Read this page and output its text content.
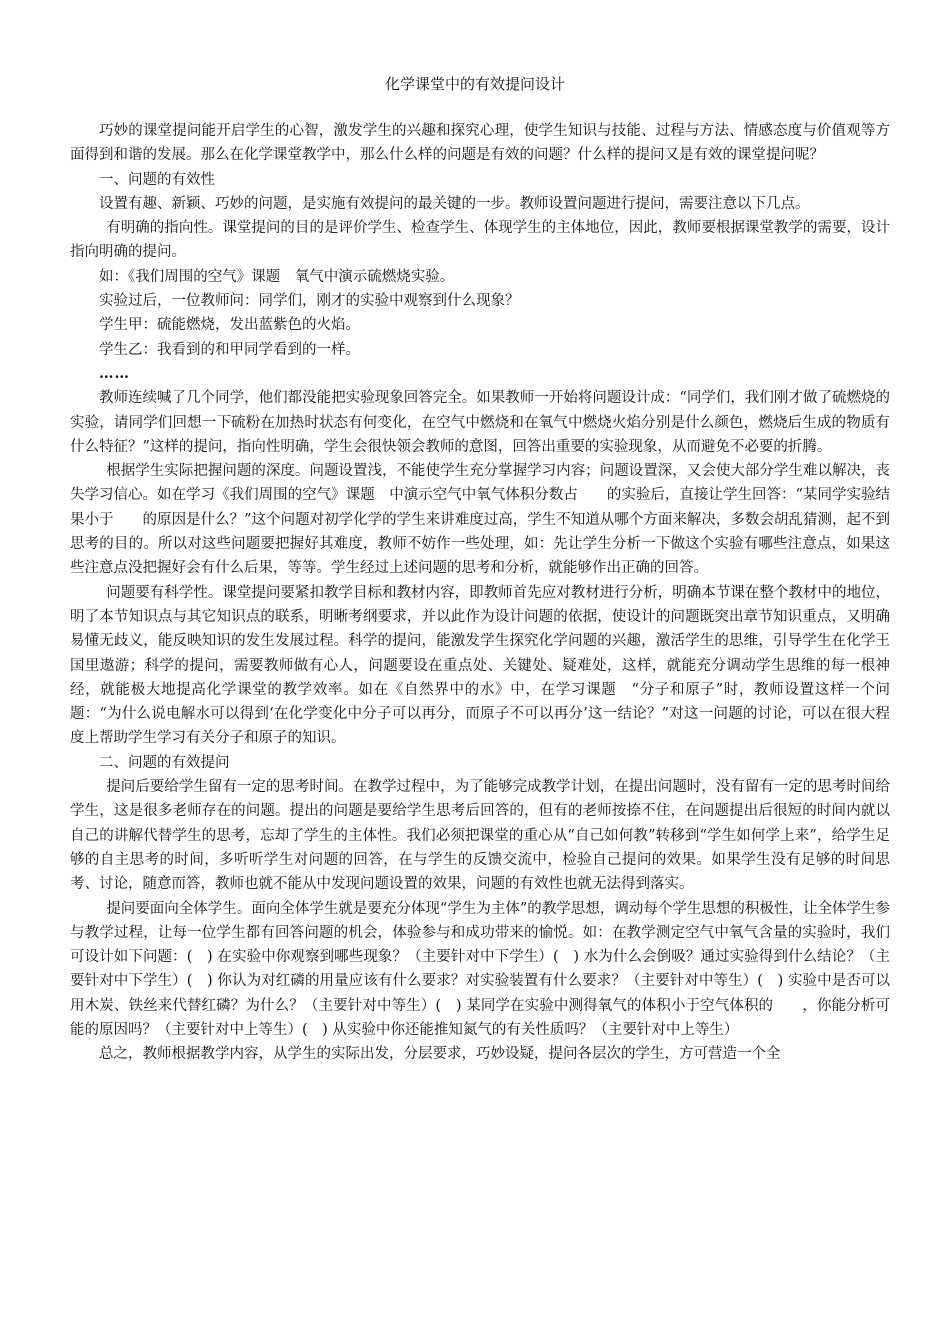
化学课堂中的有效提问设计

巧妙的课堂提问能开启学生的心智，激发学生的兴趣和探究心理，使学生知识与技能、过程与方法、情感态度与价值观等方面得到和谐的发展。那么在化学课堂教学中，那么什么样的问题是有效的问题？什么样的提问又是有效的课堂提问呢？

一、问题的有效性

设置有趣、新颖、巧妙的问题，是实施有效提问的最关键的一步。教师设置问题进行提问，需要注意以下几点。

有明确的指向性。课堂提问的目的是评价学生、检查学生、体现学生的主体地位，因此，教师要根据课堂教学的需要，设计指向明确的提问。

如：《我们周围的空气》课题　氧气中演示硫燃烧实验。

实验过后，一位教师问：同学们，刚才的实验中观察到什么现象？

学生甲：硫能燃烧，发出蓝紫色的火焰。

学生乙：我看到的和甲同学看到的一样。

……

教师连续喊了几个同学，他们都没能把实验现象回答完全。如果教师一开始将问题设计成：“同学们，我们刚才做了硫燃烧的实验，请同学们回想一下硫粉在加热时状态有何变化，在空气中燃烧和在氧气中燃烧火焰分别是什么颜色，燃烧后生成的物质有什么特征？”这样的提问，指向性明确，学生会很快领会教师的意图，回答出重要的实验现象，从而避免不必要的折腾。

根据学生实际把握问题的深度。问题设置浅，不能使学生充分掌握学习内容；问题设置深，又会使大部分学生难以解决，丧失学习信心。如在学习《我们周围的空气》课题　中演示空气中氧气体积分数占　　的实验后，直接让学生回答：“某同学实验结果小于　　的原因是什么？”这个问题对初学化学的学生来讲难度过高，学生不知道从哪个方面来解决，多数会胡乱猜测，起不到思考的目的。所以对这些问题要把握好其难度，教师不妨作一些处理，如：先让学生分析一下做这个实验有哪些注意点，如果这些注意点没把握好会有什么后果，等等。学生经过上述问题的思考和分析，就能够作出正确的回答。

问题要有科学性。课堂提问要紧扣教学目标和教材内容，即教师首先应对教材进行分析，明确本节课在整个教材中的地位，明了本节知识点与其它知识点的联系，明晰考纲要求，并以此作为设计问题的依据，使设计的问题既突出章节知识重点，又明确易懂无歧义，能反映知识的发生发展过程。科学的提问，能激发学生探究化学问题的兴趣，激活学生的思维，引导学生在化学王国里遨游；科学的提问，需要教师做有心人，问题要设在重点处、关键处、疑难处，这样，就能充分调动学生思维的每一根神经，就能极大地提高化学课堂的教学效率。如在《自然界中的水》中，在学习课题　“分子和原子”时，教师设置这样一个问题：“为什么说电解水可以得到‘在化学变化中分子可以再分，而原子不可以再分’这一结论？”对这一问题的讨论，可以在很大程度上帮助学生学习有关分子和原子的知识。

二、问题的有效提问

提问后要给学生留有一定的思考时间。在教学过程中，为了能够完成教学计划，在提出问题时，没有留有一定的思考时间给学生，这是很多老师存在的问题。提出的问题是要给学生思考后回答的，但有的老师按捺不住，在问题提出后很短的时间内就以自己的讲解代替学生的思考，忘却了学生的主体性。我们必须把课堂的重心从“自己如何教”转移到“学生如何学上来”，给学生足够的自主思考的时间，多听听学生对问题的回答，在与学生的反馈交流中，检验自己提问的效果。如果学生没有足够的时间思考、讨论，随意而答，教师也就不能从中发现问题设置的效果，问题的有效性也就无法得到落实。

提问要面向全体学生。面向全体学生就是要充分体现“学生为主体”的教学思想，调动每个学生思想的积极性，让全体学生参与教学过程，让每一位学生都有回答问题的机会，体验参与和成功带来的愉悦。如：在教学测定空气中氧气含量的实验时，我们可设计如下问题：(　) 在实验中你观察到哪些现象？（主要针对中下学生）(　) 水为什么会倒吸？通过实验得到什么结论？（主要针对中下学生）(　) 你认为对红磷的用量应该有什么要求？对实验装置有什么要求？（主要针对中等生）(　) 实验中是否可以用木炭、铁丝来代替红磷？为什么？（主要针对中等生）(　) 某同学在实验中测得氧气的体积小于空气体积的　　，你能分析可能的原因吗？（主要针对中上等生）(　) 从实验中你还能推知氮气的有关性质吗？（主要针对中上等生）

总之，教师根据教学内容，从学生的实际出发，分层要求，巧妙设疑，提问各层次的学生，方可营造一个全
